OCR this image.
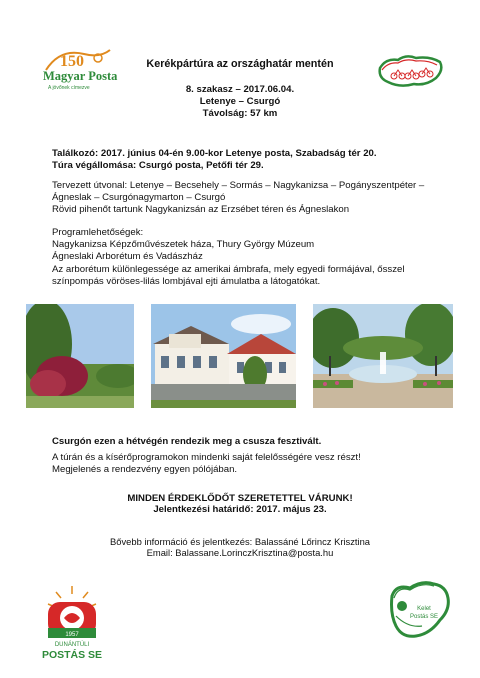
150
Magyar Posta
A jövőnek címezve
Kerékpártúra az országhatár mentén
8. szakasz – 2017.06.04.
Letenye – Csurgó
Távolság: 57 km

Találkozó: 2017. június 04-én 9.00-kor Letenye posta, Szabadság tér 20.

Túra végállomása: Csurgó posta, Petőfi tér 29.

Tervezett útvonal: Letenye – Becsehely – Sormás – Nagykanizsa – Pogányszentpéter –

Ágneslak – Csurgónagymarton – Csurgó

Rövid pihenőt tartunk Nagykanizsán az Erzsébet téren és Ágneslakon

Programlehetőségek:

Nagykanizsa Képzőművészetek háza, Thury György Múzeum

Ágneslaki Arborétum és Vadászház

Az arborétum különlegessége az amerikai ámbrafa, mely egyedi formájával, ősszel

színpompás vöröses-lilás lombjával ejti ámulatba a látogatókat.

Csurgón ezen a hétvégén rendezik meg a csusza fesztivált.

A túrán és a kísérőprogramokon mindenki saját felelősségére vesz részt!

Megjelenés a rendezvény egyen pólójában.

MINDEN ÉRDEKLŐDŐT SZERETETTEL VÁRUNK!

Jelentkezési határidő: 2017. május 23.

Bővebb információ és jelentkezés: Balassáné Lőrincz Krisztina

Email: Balassane.LorinczKrisztina@posta.hu

1957
DUNÁNTÚLI
POSTÁS SE
Kelet
Postás SE
